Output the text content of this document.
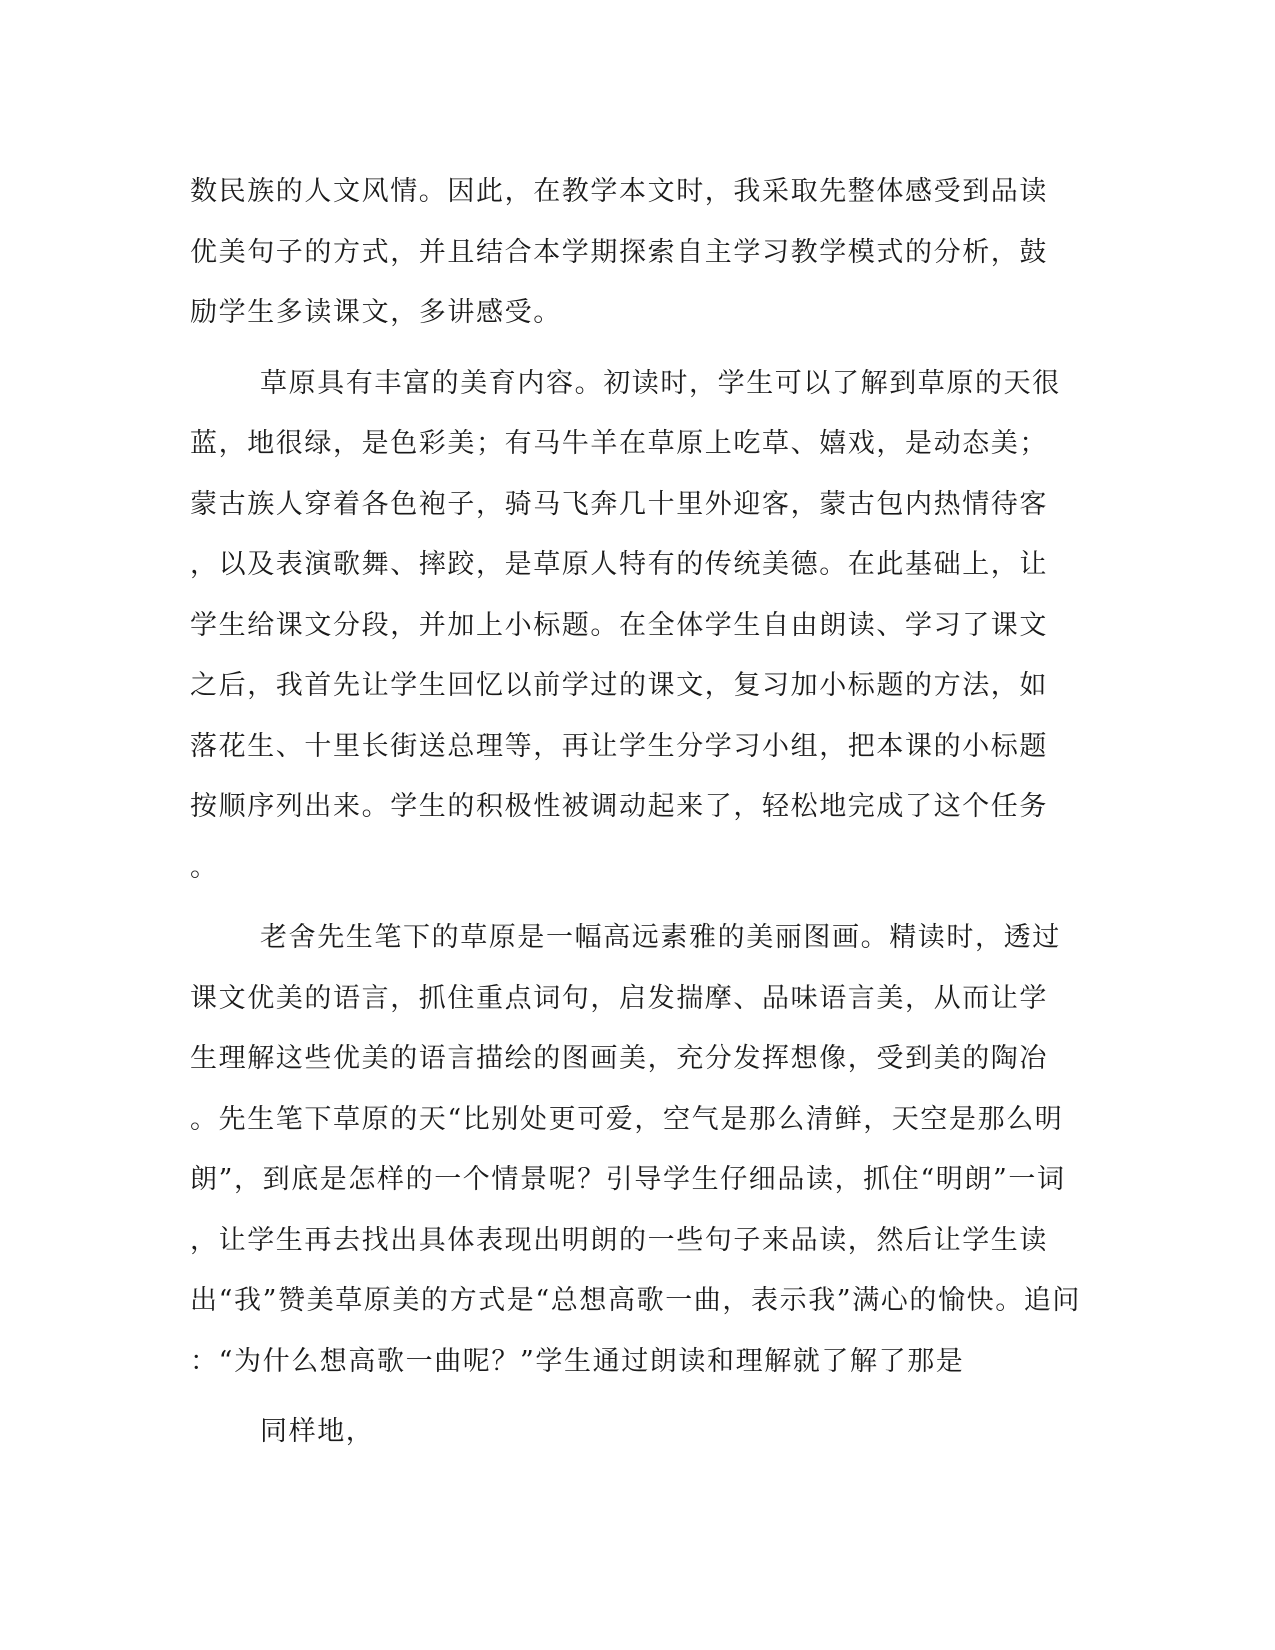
数民族的人文风情。因此，在教学本文时，我采取先整体感受到品读
优美句子的方式，并且结合本学期探索自主学习教学模式的分析，鼓
励学生多读课文，多讲感受。
草原具有丰富的美育内容。初读时，学生可以了解到草原的天很
蓝，地很绿，是色彩美；有马牛羊在草原上吃草、嬉戏，是动态美；
蒙古族人穿着各色袍子，骑马飞奔几十里外迎客，蒙古包内热情待客
，以及表演歌舞、摔跤，是草原人特有的传统美德。在此基础上，让
学生给课文分段，并加上小标题。在全体学生自由朗读、学习了课文
之后，我首先让学生回忆以前学过的课文，复习加小标题的方法，如
落花生、十里长街送总理等，再让学生分学习小组，把本课的小标题
按顺序列出来。学生的积极性被调动起来了，轻松地完成了这个任务
。
老舍先生笔下的草原是一幅高远素雅的美丽图画。精读时，透过
课文优美的语言，抓住重点词句，启发揣摩、品味语言美，从而让学
生理解这些优美的语言描绘的图画美，充分发挥想像，受到美的陶冶
。先生笔下草原的天“比别处更可爱，空气是那么清鲜，天空是那么明
朗”，到底是怎样的一个情景呢？引导学生仔细品读，抓住“明朗”一词
，让学生再去找出具体表现出明朗的一些句子来品读，然后让学生读
出“我”赞美草原美的方式是“总想高歌一曲，表示我”满心的愉快。追问
：“为什么想高歌一曲呢？”学生通过朗读和理解就了解了那是
同样地，
